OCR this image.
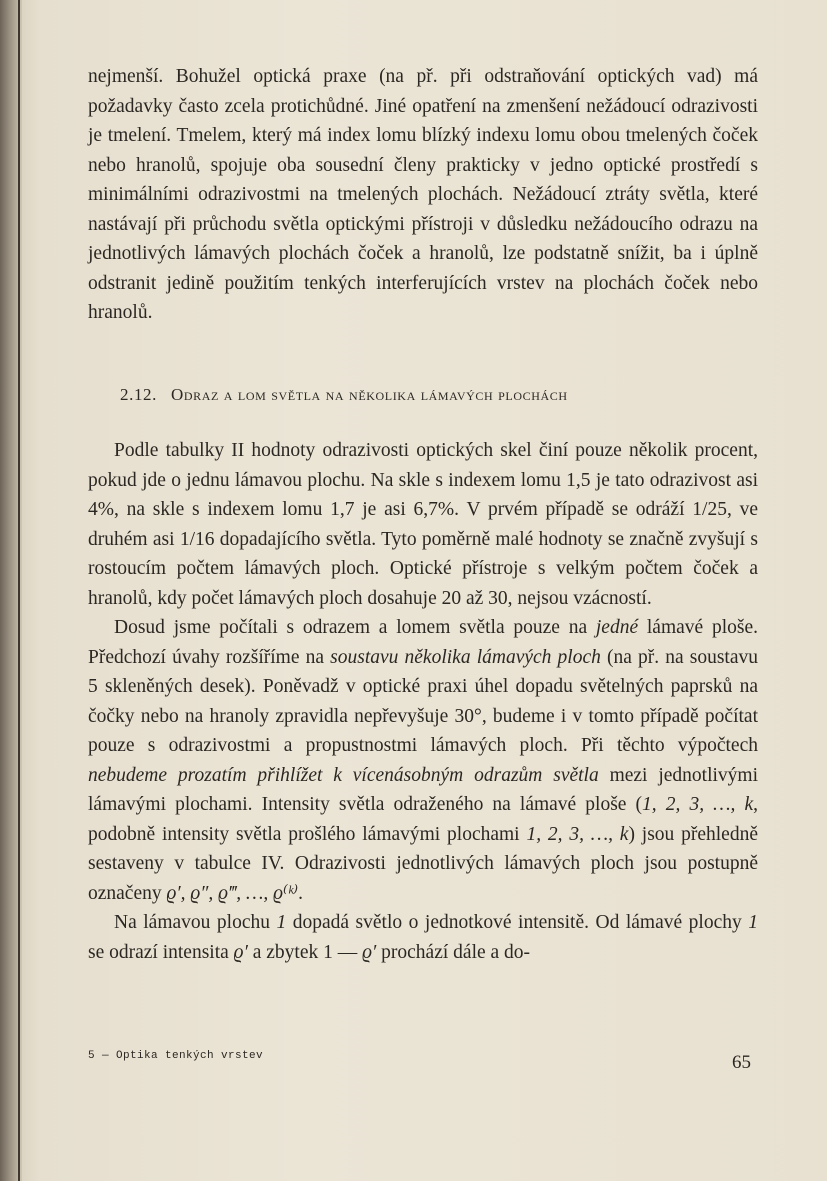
nejmenší. Bohužel optická praxe (na př. při odstraňování optických vad) má požadavky často zcela protichůdné. Jiné opatření na zmenšení nežádoucí odrazivosti je tmelení. Tmelem, který má index lomu blízký indexu lomu obou tmelených čoček nebo hranolů, spojuje oba sousední členy prakticky v jedno optické prostředí s minimálními odrazivostmi na tmelených plochách. Nežádoucí ztráty světla, které nastávají při průchodu světla optickými přístroji v důsledku nežádoucího odrazu na jednotlivých lámavých plochách čoček a hranolů, lze podstatně snížit, ba i úplně odstranit jedině použitím tenkých interferujících vrstev na plochách čoček nebo hranolů.

2.12. Odraz a lom světla na několika lámavých plochách

Podle tabulky II hodnoty odrazivosti optických skel činí pouze několik procent, pokud jde o jednu lámavou plochu. Na skle s indexem lomu 1,5 je tato odrazivost asi 4%, na skle s indexem lomu 1,7 je asi 6,7%. V prvém případě se odráží 1/25, ve druhém asi 1/16 dopadajícího světla. Tyto poměrně malé hodnoty se značně zvyšují s rostoucím počtem lámavých ploch. Optické přístroje s velkým počtem čoček a hranolů, kdy počet lámavých ploch dosahuje 20 až 30, nejsou vzácností.

Dosud jsme počítali s odrazem a lomem světla pouze na jedné lámavé ploše. Předchozí úvahy rozšíříme na soustavu několika lámavých ploch (na př. na soustavu 5 skleněných desek). Poněvadž v optické praxi úhel dopadu světelných paprsků na čočky nebo na hranoly zpravidla nepřevyšuje 30°, budeme i v tomto případě počítat pouze s odrazivostmi a propustnostmi lámavých ploch. Při těchto výpočtech nebudeme prozatím přihlížet k vícenásobným odrazům světla mezi jednotlivými lámavými plochami. Intensity světla odraženého na lámavé ploše (1, 2, 3, …, k, podobně intensity světla prošlého lámavými plochami 1, 2, 3, …, k) jsou přehledně sestaveny v tabulce IV. Odrazivosti jednotlivých lámavých ploch jsou postupně označeny ϱ′, ϱ″, ϱ‴, …, ϱ⁽ᵏ⁾.

Na lámavou plochu 1 dopadá světlo o jednotkové intensitě. Od lámavé plochy 1 se odrazí intensita ϱ′ a zbytek 1 — ϱ′ prochází dále a do-

5 — Optika tenkých vrstev	65
